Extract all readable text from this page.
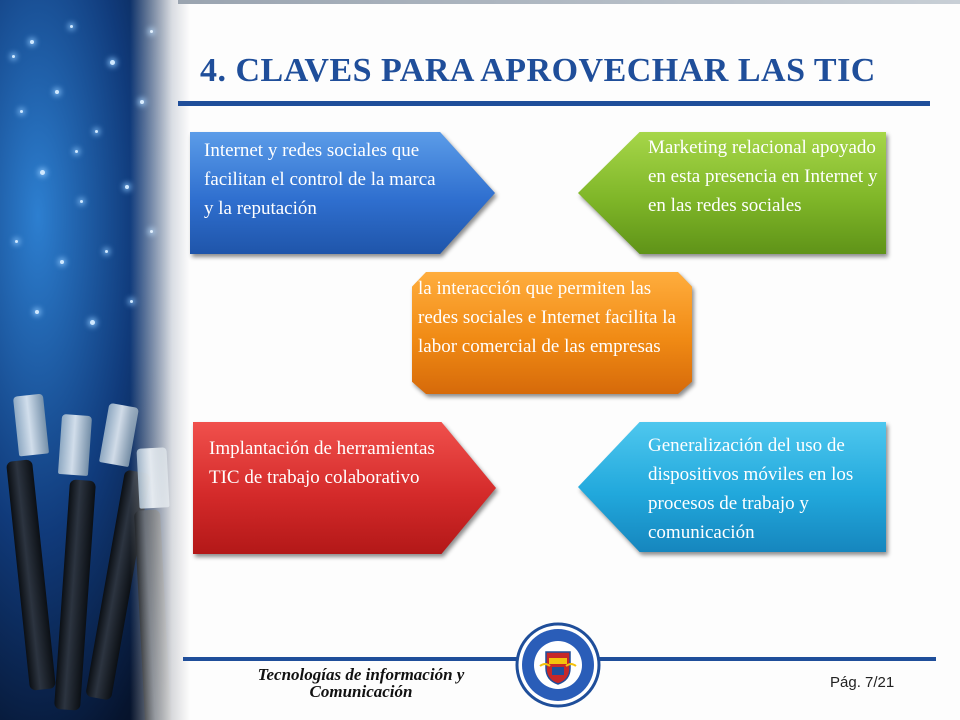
4. CLAVES PARA APROVECHAR LAS TIC
Internet y redes sociales que facilitan el control de la marca y la reputación
Marketing relacional apoyado en esta presencia en Internet y en las redes sociales
la interacción que permiten las redes sociales e Internet facilita la labor comercial de las empresas
Implantación de herramientas TIC de trabajo colaborativo
Generalización del uso de dispositivos móviles en los procesos de trabajo y comunicación
Tecnologías de información y Comunicación	Pág. 7/21
